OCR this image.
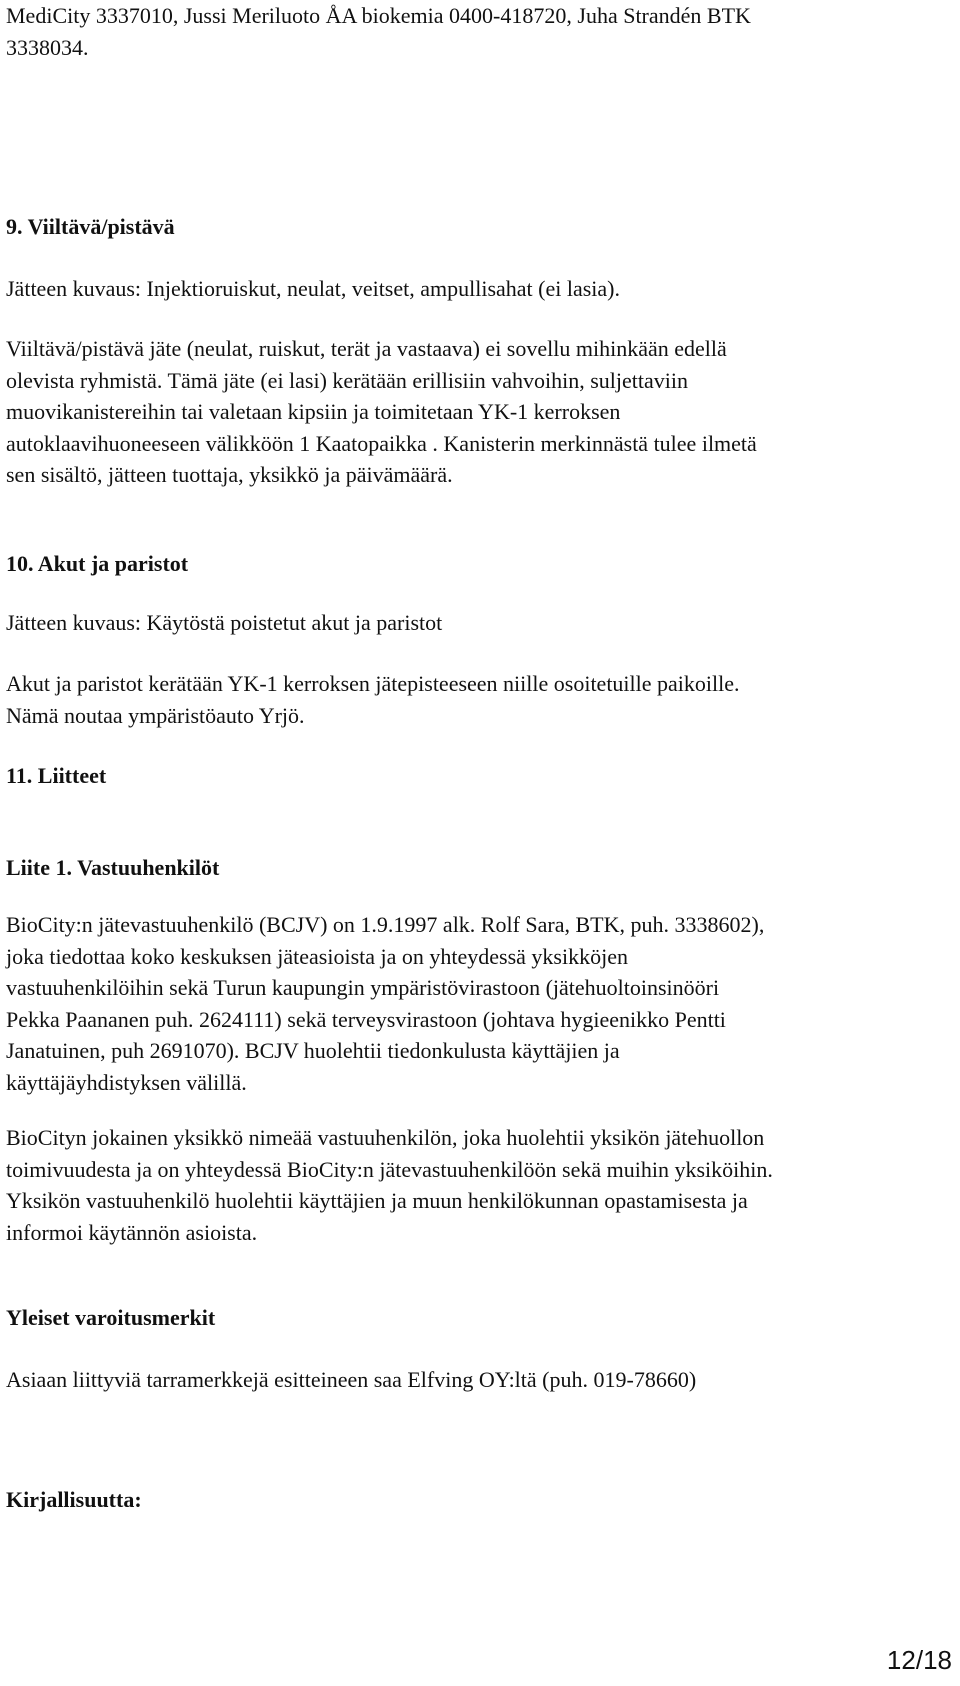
MediCity 3337010, Jussi Meriluoto ÅA biokemia 0400-418720, Juha Strandén BTK
3338034.
9. Viiltävä/pistävä
Jätteen kuvaus: Injektioruiskut, neulat, veitset, ampullisahat (ei lasia).
Viiltävä/pistävä jäte (neulat, ruiskut, terät ja vastaava) ei sovellu mihinkään edellä
olevista ryhmistä. Tämä jäte (ei lasi) kerätään erillisiin vahvoihin, suljettaviin
muovikanistereihin tai valetaan kipsiin ja toimitetaan YK-1 kerroksen
autoklaavihuoneeseen välikköön 1 Kaatopaikka . Kanisterin merkinnästä tulee ilmetä
sen sisältö, jätteen tuottaja, yksikkö ja päivämäärä.
10. Akut ja paristot
Jätteen kuvaus: Käytöstä poistetut akut ja paristot
Akut ja paristot kerätään YK-1 kerroksen jätepisteeseen niille osoitetuille paikoille.
Nämä noutaa ympäristöauto Yrjö.
11. Liitteet
Liite 1. Vastuuhenkilöt
BioCity:n jätevastuuhenkilö (BCJV) on 1.9.1997 alk. Rolf Sara, BTK, puh. 3338602),
joka tiedottaa koko keskuksen jäteasioista ja on yhteydessä yksikköjen
vastuuhenkilöihin sekä Turun kaupungin ympäristövirastoon (jätehuoltoinsinööri
Pekka Paananen puh. 2624111) sekä terveysvirastoon (johtava hygieenikko Pentti
Janatuinen, puh 2691070). BCJV huolehtii tiedonkulusta käyttäjien ja
käyttäjäyhdistyksen välillä.
BioCityn jokainen yksikkö nimeää vastuuhenkilön, joka huolehtii yksikön jätehuollon
toimivuudesta ja on yhteydessä BioCity:n jätevastuuhenkilöön sekä muihin yksiköihin.
Yksikön vastuuhenkilö huolehtii käyttäjien ja muun henkilökunnan opastamisesta ja
informoi käytännön asioista.
Yleiset varoitusmerkit
Asiaan liittyviä tarramerkkejä esitteineen saa Elfving OY:ltä (puh. 019-78660)
Kirjallisuutta:
12/18
